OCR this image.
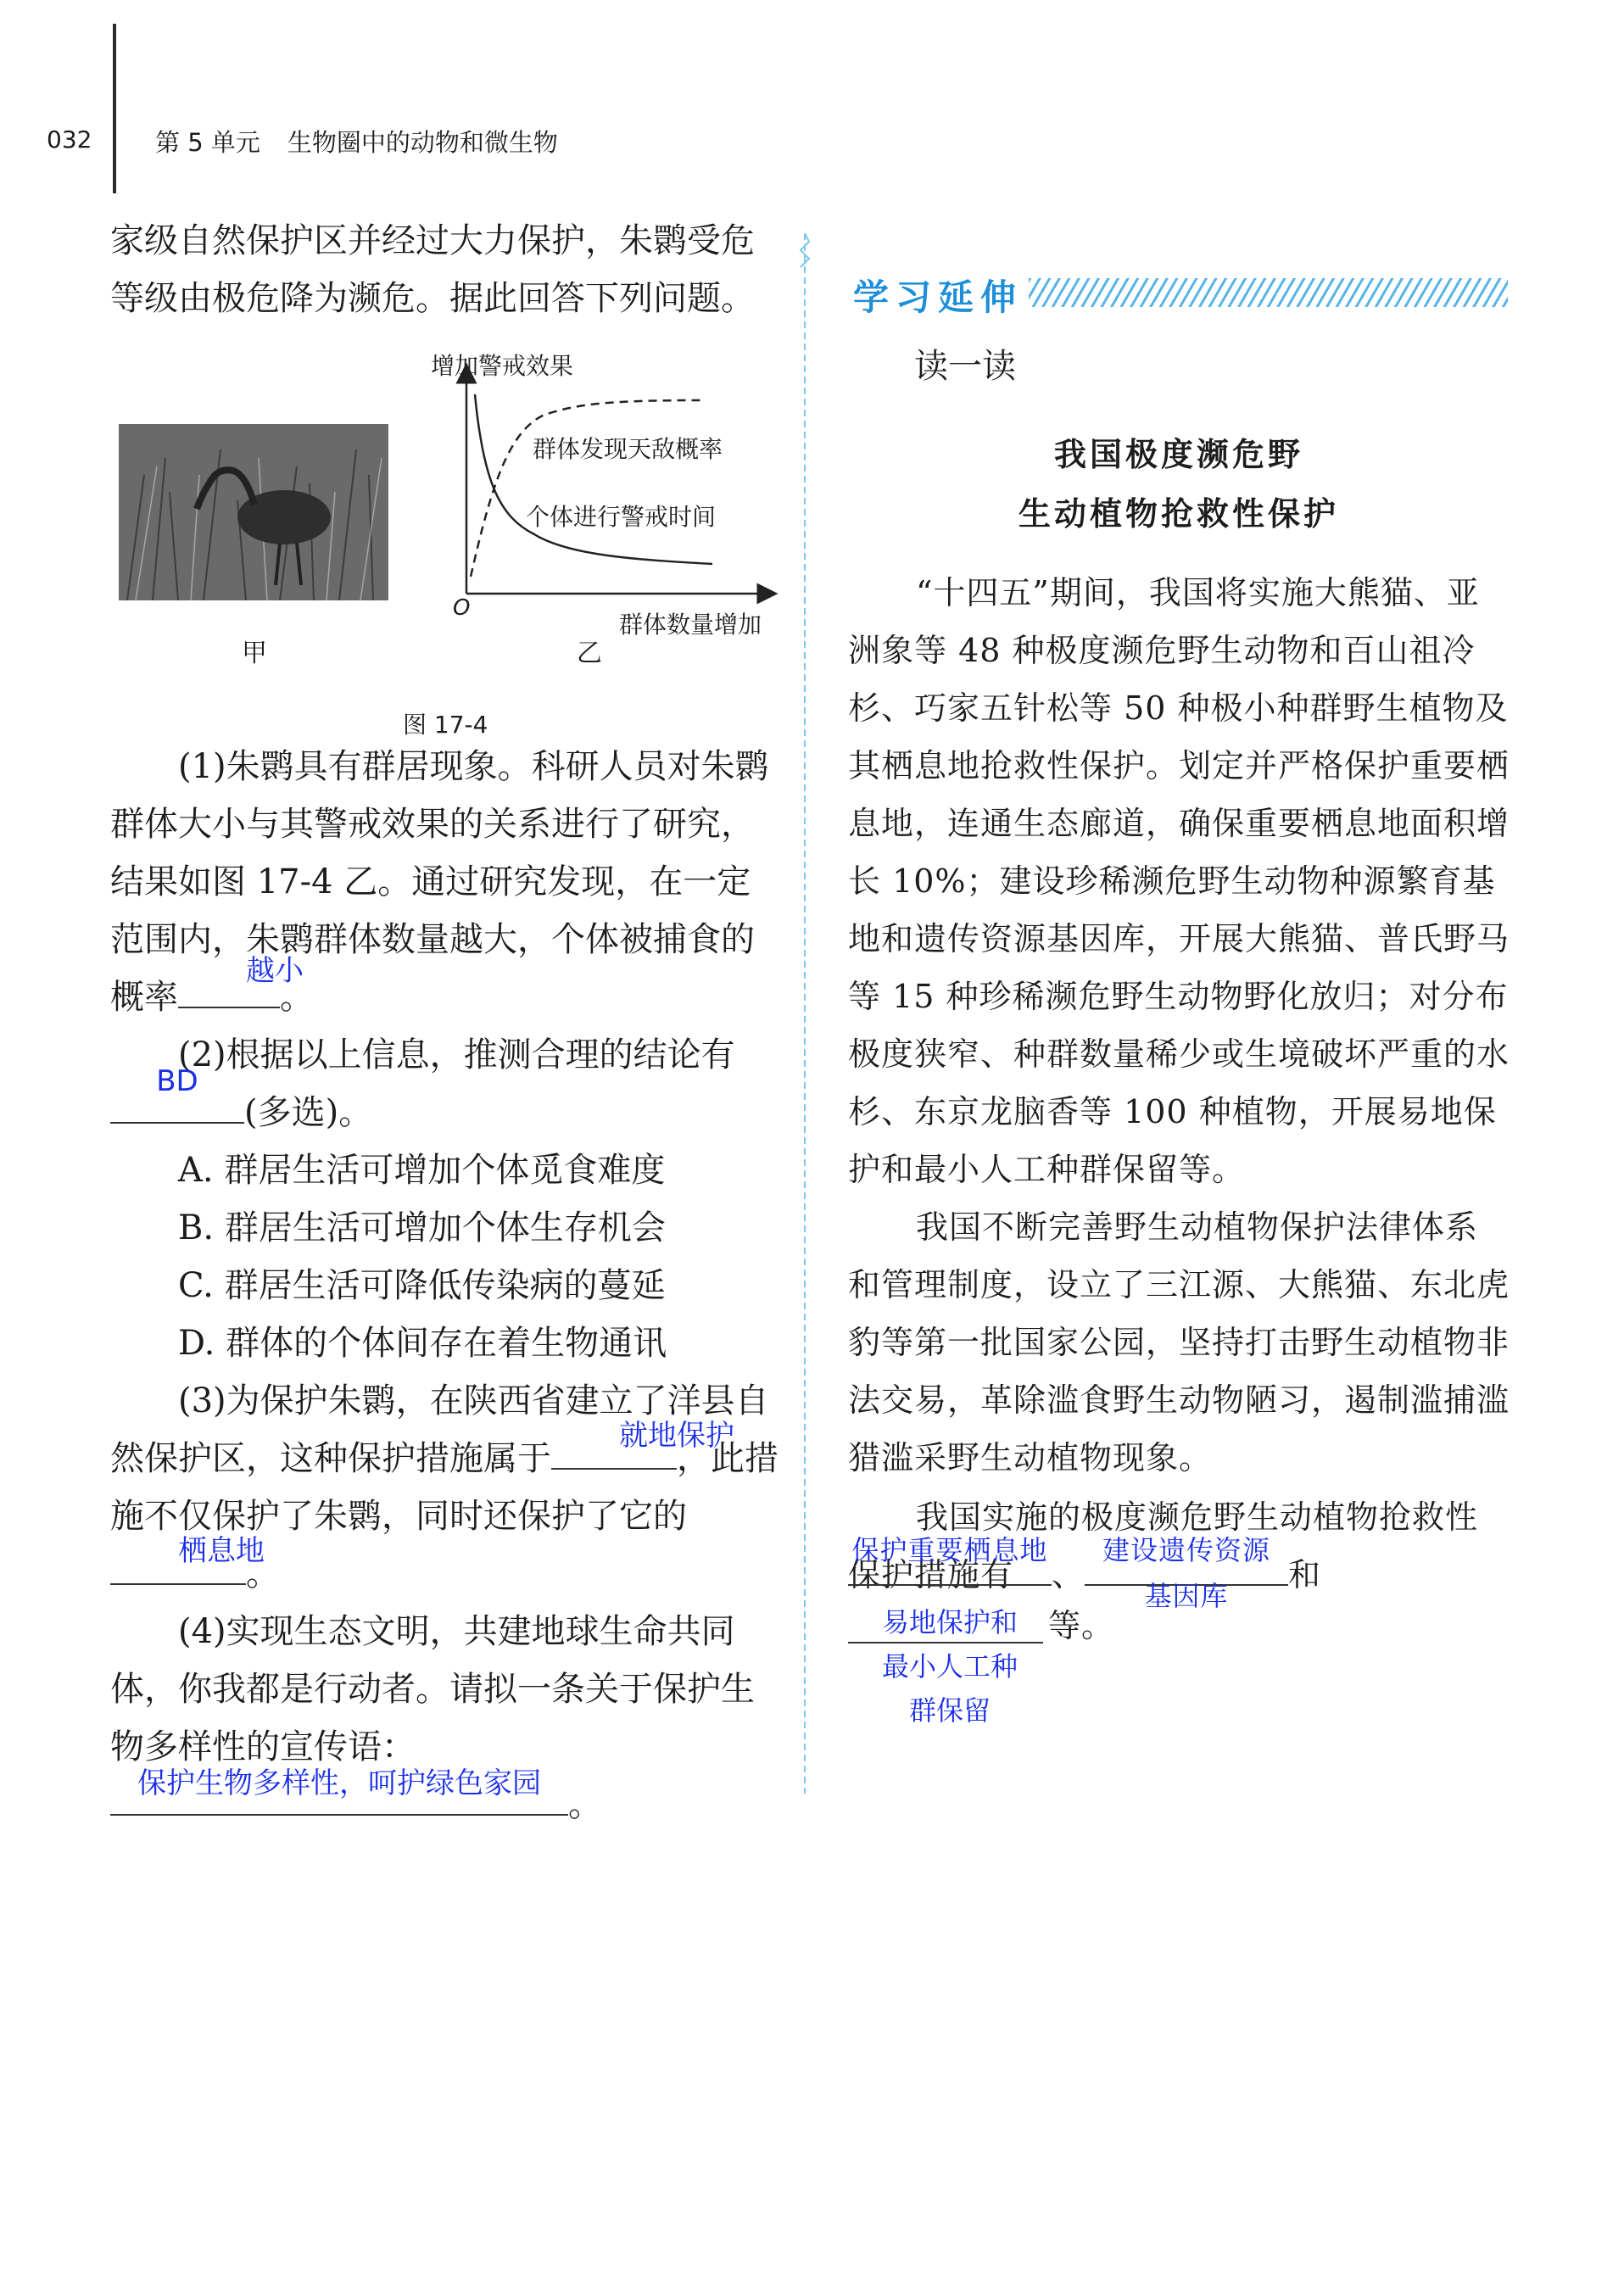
032	第 5 单元 生物圈中的动物和微生物

家级自然保护区并经过大力保护，朱鹮受危等级由极危降为濒危。据此回答下列问题。

甲
增加警戒效果
群体发现天敌概率
个体进行警戒时间
O
群体数量增加
乙
图 17-4

(1)朱鹮具有群居现象。科研人员对朱鹮群体大小与其警戒效果的关系进行了研究，结果如图 17-4 乙。通过研究发现，在一定范围内，朱鹮群体数量越大，个体被捕食的概率
越小
。

(2)根据以上信息，推测合理的结论有

BD
(多选)。

A. 群居生活可增加个体觅食难度

B. 群居生活可增加个体生存机会

C. 群居生活可降低传染病的蔓延

D. 群体的个体间存在着生物通讯

(3)为保护朱鹮，在陕西省建立了洋县自然保护区，这种保护措施属于
就地保护
，此措施不仅保护了朱鹮，同时还保护了它的
栖息地
。

(4)实现生态文明，共建地球生命共同体，你我都是行动者。请拟一条关于保护生物多样性的宣传语：

保护生物多样性，呵护绿色家园
。

学习延伸
读一读
我国极度濒危野
生动植物抢救性保护

“十四五”期间，我国将实施大熊猫、亚洲象等 48 种极度濒危野生动物和百山祖冷杉、巧家五针松等 50 种极小种群野生植物及其栖息地抢救性保护。划定并严格保护重要栖息地，连通生态廊道，确保重要栖息地面积增长 10%；建设珍稀濒危野生动物种源繁育基地和遗传资源基因库，开展大熊猫、普氏野马等 15 种珍稀濒危野生动物野化放归；对分布极度狭窄、种群数量稀少或生境破坏严重的水杉、东京龙脑香等 100 种植物，开展易地保护和最小人工种群保留等。

我国不断完善野生动植物保护法律体系和管理制度，设立了三江源、大熊猫、东北虎豹等第一批国家公园，坚持打击野生动植物非法交易，革除滥食野生动物陋习，遏制滥捕滥猎滥采野生动植物现象。

我国实施的极度濒危野生动植物抢救性保护措施有

保护重要栖息地
、
建设遗传资源
基因库
和
易地保护和
最小人工种
群保留
等。
